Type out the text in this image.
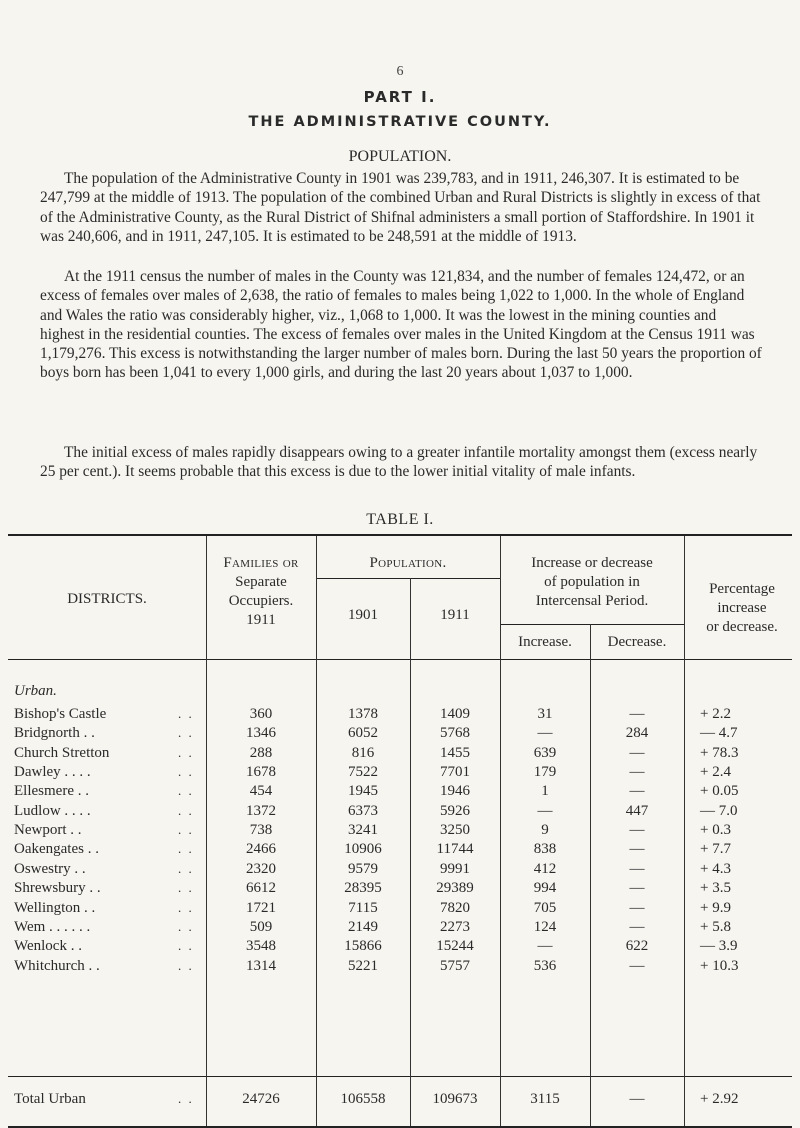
6
PART I.
THE ADMINISTRATIVE COUNTY.
POPULATION.

The population of the Administrative County in 1901 was 239,783, and in 1911, 246,307. It is estimated to be 247,799 at the middle of 1913. The population of the combined Urban and Rural Districts is slightly in excess of that of the Administrative County, as the Rural District of Shifnal administers a small portion of Staffordshire. In 1901 it was 240,606, and in 1911, 247,105. It is estimated to be 248,591 at the middle of 1913.

At the 1911 census the number of males in the County was 121,834, and the number of females 124,472, or an excess of females over males of 2,638, the ratio of females to males being 1,022 to 1,000. In the whole of England and Wales the ratio was considerably higher, viz., 1,068 to 1,000. It was the lowest in the mining counties and highest in the residential counties. The excess of females over males in the United Kingdom at the Census 1911 was 1,179,276. This excess is notwithstanding the larger number of males born. During the last 50 years the proportion of boys born has been 1,041 to every 1,000 girls, and during the last 20 years about 1,037 to 1,000.

The initial excess of males rapidly disappears owing to a greater infantile mortality amongst them (excess nearly 25 per cent.). It seems probable that this excess is due to the lower initial vitality of male infants.

TABLE I.
DISTRICTS.
Families or
Separate
Occupiers.
1911
Population.
1901	1911
Increase or decrease
of population in
Intercensal Period.
Increase.	Decrease.
Percentage
increase
or decrease.
Urban.
Bishop's Castle	360	1378	1409	31	—	+ 2.2
. .
Bridgnorth . .	1346	6052	5768	—	284	— 4.7
. .
Church Stretton	288	816	1455	639	—	+ 78.3
. .
Dawley . . . .	1678	7522	7701	179	—	+ 2.4
. .
Ellesmere . .	454	1945	1946	1	—	+ 0.05
. .
Ludlow . . . .	1372	6373	5926	—	447	— 7.0
. .
Newport . .	738	3241	3250	9	—	+ 0.3
. .
Oakengates . .	2466	10906	11744	838	—	+ 7.7
. .
Oswestry . .	2320	9579	9991	412	—	+ 4.3
. .
Shrewsbury . .	6612	28395	29389	994	—	+ 3.5
. .
Wellington . .	1721	7115	7820	705	—	+ 9.9
. .
Wem . . . . . .	509	2149	2273	124	—	+ 5.8
. .
Wenlock . .	3548	15866	15244	—	622	— 3.9
. .
Whitchurch . .	1314	5221	5757	536	—	+ 10.3
. .
Total Urban	24726	106558	109673	3115	—	+ 2.92
. .
